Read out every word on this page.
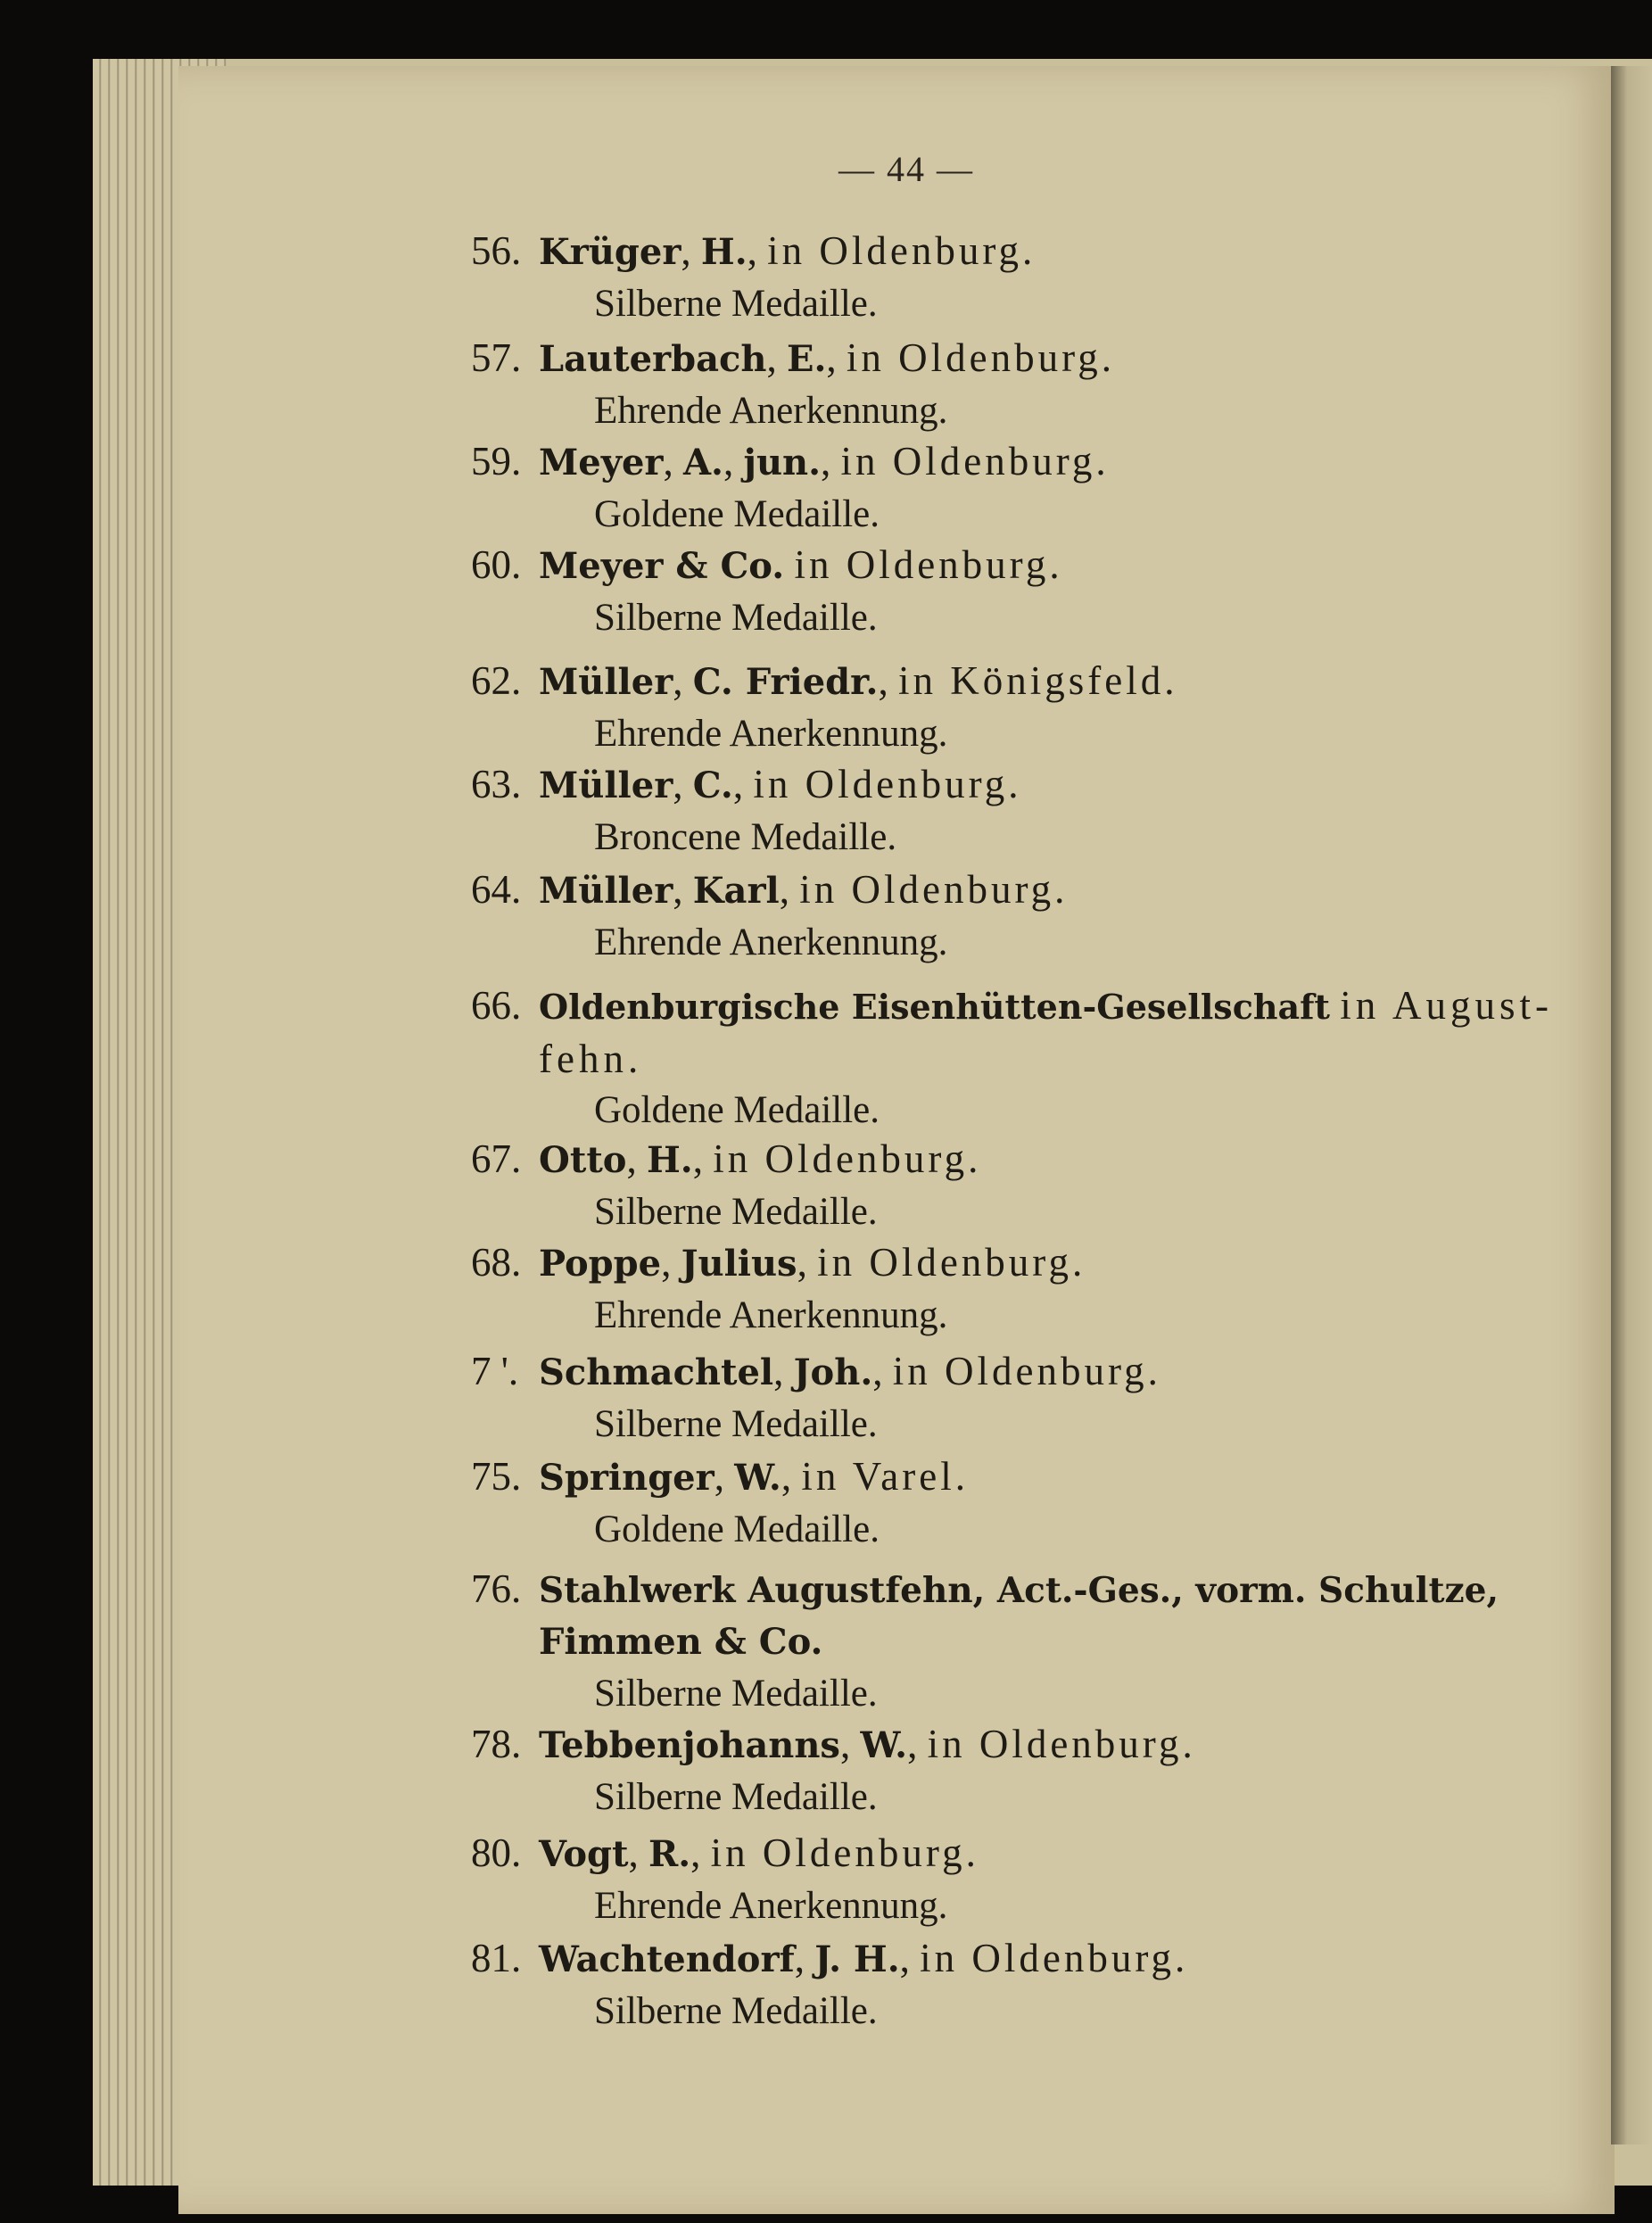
— 44 —
56. Krüger, H., in Oldenburg.
Silberne Medaille.
57. Lauterbach, E., in Oldenburg.
Ehrende Anerkennung.
59. Meyer, A., jun., in Oldenburg.
Goldene Medaille.
60. Meyer & Co. in Oldenburg.
Silberne Medaille.
62. Müller, C. Friedr., in Königsfeld.
Ehrende Anerkennung.
63. Müller, C., in Oldenburg.
Broncene Medaille.
64. Müller, Karl, in Oldenburg.
Ehrende Anerkennung.
66. Oldenburgische Eisenhütten-Gesellschaft in August-
fehn.
Goldene Medaille.
67. Otto, H., in Oldenburg.
Silberne Medaille.
68. Poppe, Julius, in Oldenburg.
Ehrende Anerkennung.
7 '. Schmachtel, Joh., in Oldenburg.
Silberne Medaille.
75. Springer, W., in Varel.
Goldene Medaille.
76. Stahlwerk Augustfehn, Act.-Ges., vorm. Schultze,
Fimmen & Co.
Silberne Medaille.
78. Tebbenjohanns, W., in Oldenburg.
Silberne Medaille.
80. Vogt, R., in Oldenburg.
Ehrende Anerkennung.
81. Wachtendorf, J. H., in Oldenburg.
Silberne Medaille.
